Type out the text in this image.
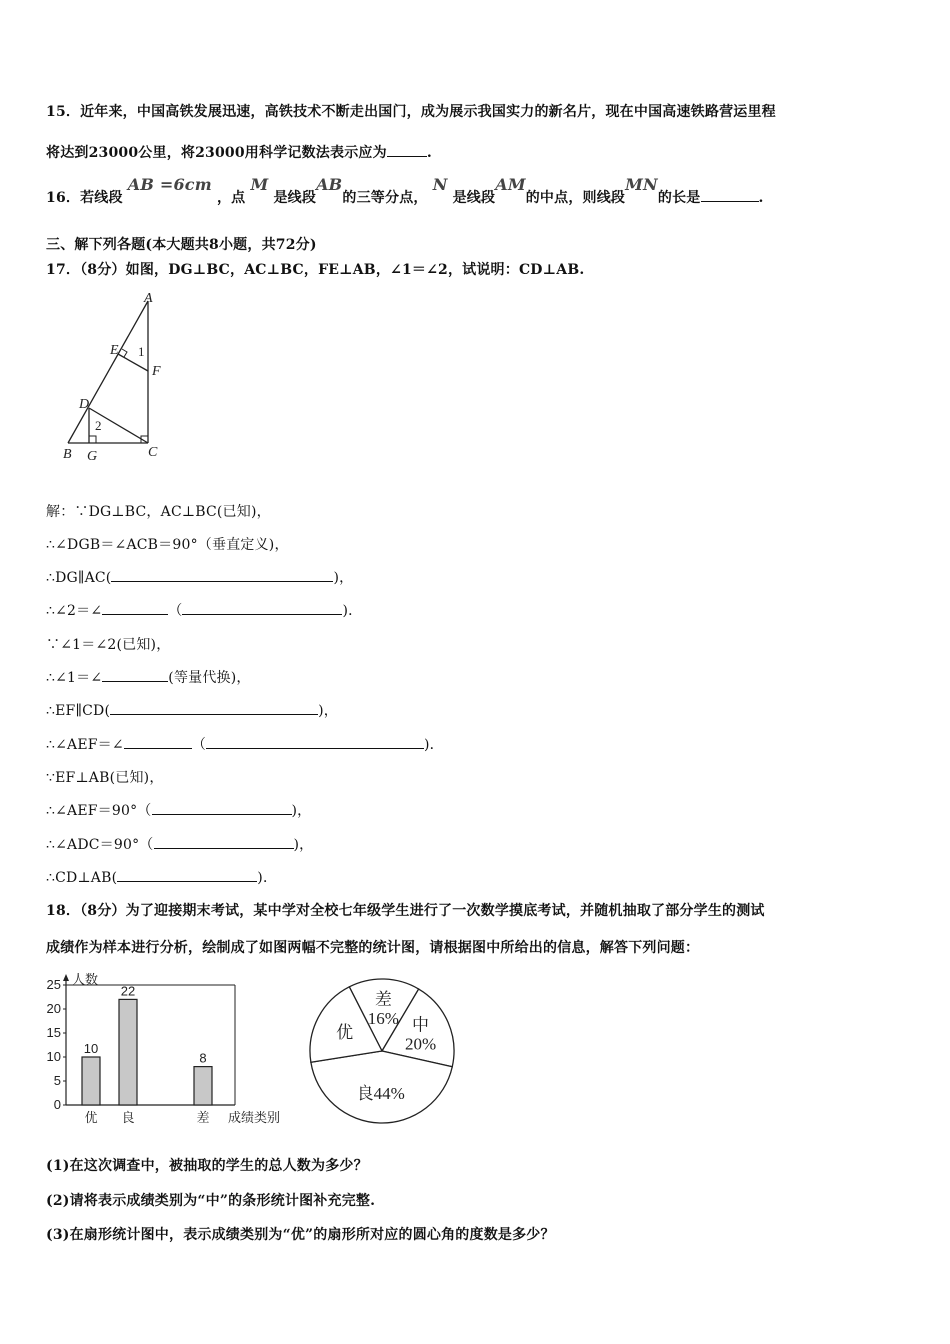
15．近年来，中国高铁发展迅速，高铁技术不断走出国门，成为展示我国实力的新名片，现在中国高速铁路营运里程
将达到23000公里，将23000用科学记数法表示应为	.
16．若线段 AB =6cm ，点 M 是线段AB的三等分点， N 是线段AM的中点，则线段MN的长是	.
三、解下列各题(本大题共8小题，共72分)
17．（8分）如图，DG⊥BC，AC⊥BC，FE⊥AB，∠1＝∠2，试说明：CD⊥AB.
A
E 1
F
D
2
B G	C
解：∵DG⊥BC，AC⊥BC(已知)，
∴∠DGB＝∠ACB＝90°（垂直定义)，
∴DG∥AC(	)，
∴∠2＝∠	（	)．
∵∠1＝∠2(已知)，
∴∠1＝∠	(等量代换)，
∴EF∥CD(	)，
∴∠AEF＝∠	（	)．
∵EF⊥AB(已知)，
∴∠AEF＝90°（	)，
∴∠ADC＝90°（	)，
∴CD⊥AB(	)．
18．（8分）为了迎接期末考试，某中学对全校七年级学生进行了一次数学摸底考试，并随机抽取了部分学生的测试
成绩作为样本进行分析，绘制成了如图两幅不完整的统计图，请根据图中所给出的信息，解答下列问题：
人数
0
5
10
15
20
25
10
优
22
良
8
差 成绩类别
差
16% 中
20%
良44%
优
(1)在这次调查中，被抽取的学生的总人数为多少？
(2)请将表示成绩类别为“中”的条形统计图补充完整.
(3)在扇形统计图中，表示成绩类别为“优”的扇形所对应的圆心角的度数是多少？
